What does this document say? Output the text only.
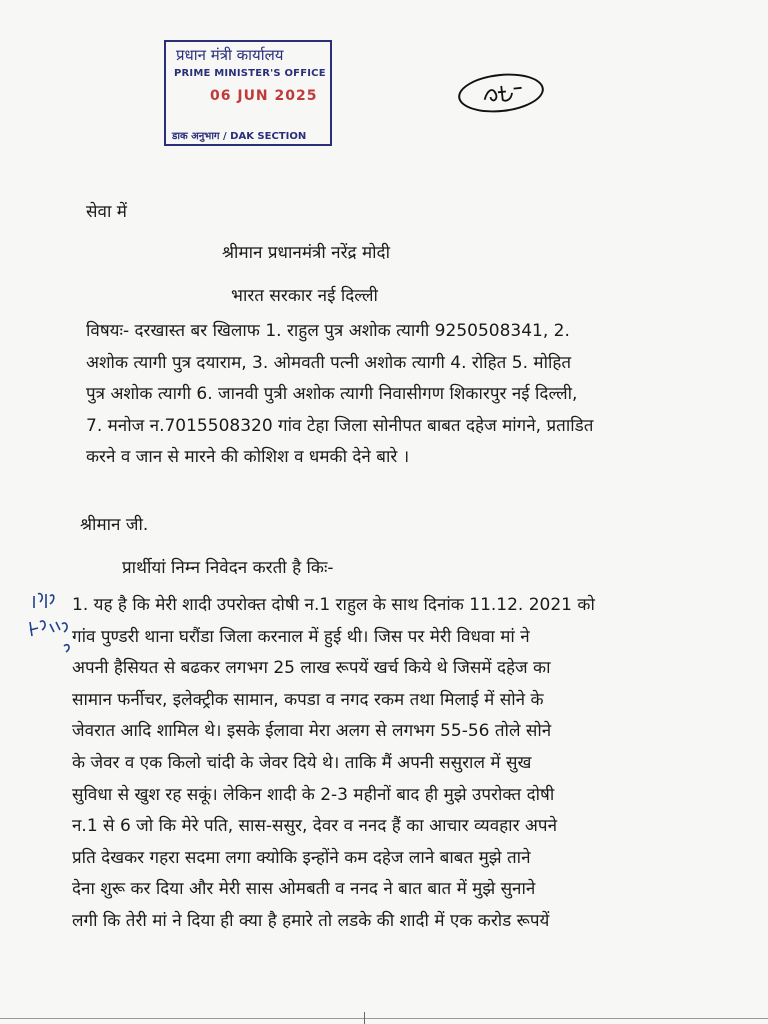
प्रधान मंत्री कार्यालय
PRIME MINISTER'S OFFICE
06 JUN 2025
डाक अनुभाग / DAK SECTION
सेवा में
श्रीमान प्रधानमंत्री नरेंद्र मोदी
भारत सरकार नई दिल्ली
विषयः- दरखास्त बर खिलाफ 1. राहुल पुत्र अशोक त्यागी 9250508341, 2.
अशोक त्यागी पुत्र दयाराम, 3. ओमवती पत्नी अशोक त्यागी 4. रोहित 5. मोहित
पुत्र अशोक त्यागी 6. जानवी पुत्री अशोक त्यागी निवासीगण शिकारपुर नई दिल्ली,
7. मनोज न.7015508320 गांव टेहा जिला सोनीपत बाबत दहेज मांगने, प्रताडित
करने व जान से मारने की कोशिश व धमकी देने बारे ।
श्रीमान जी.
प्रार्थीयां निम्न निवेदन करती है किः-
1. यह है कि मेरी शादी उपरोक्त दोषी न.1 राहुल के साथ दिनांक 11.12. 2021 को
गांव पुण्डरी थाना घरौंडा जिला करनाल में हुई थी। जिस पर मेरी विधवा मां ने
अपनी हैसियत से बढकर लगभग 25 लाख रूपयें खर्च किये थे जिसमें दहेज का
सामान फर्नीचर, इलेक्ट्रीक सामान, कपडा व नगद रकम तथा मिलाई में सोने के
जेवरात आदि शामिल थे। इसके ईलावा मेरा अलग से लगभग 55-56 तोले सोने
के जेवर व एक किलो चांदी के जेवर दिये थे। ताकि मैं अपनी ससुराल में सुख
सुविधा से खुश रह सकूं। लेकिन शादी के 2-3 महीनों बाद ही मुझे उपरोक्त दोषी
न.1 से 6 जो कि मेरे पति, सास-ससुर, देवर व ननद हैं का आचार व्यवहार अपने
प्रति देखकर गहरा सदमा लगा क्योकि इन्होंने कम दहेज लाने बाबत मुझे ताने
देना शुरू कर दिया और मेरी सास ओमबती व ननद ने बात बात में मुझे सुनाने
लगी कि तेरी मां ने दिया ही क्या है हमारे तो लडके की शादी में एक करोड रूपयें
